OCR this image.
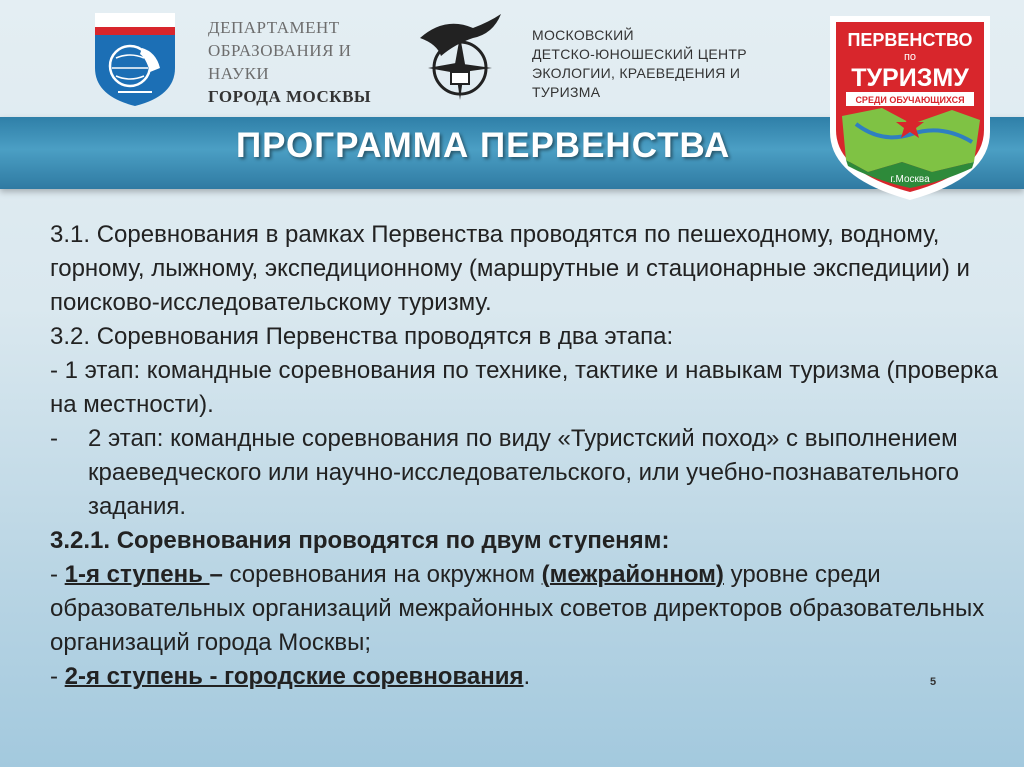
ДЕПАРТАМЕНТ
ОБРАЗОВАНИЯ И
НАУКИ
ГОРОДА МОСКВЫ
МОСКОВСКИЙ
ДЕТСКО-ЮНОШЕСКИЙ ЦЕНТР
ЭКОЛОГИИ, КРАЕВЕДЕНИЯ И
ТУРИЗМА
ПРОГРАММА ПЕРВЕНСТВА
ПЕРВЕНСТВО
по
ТУРИЗМУ
СРЕДИ ОБУЧАЮЩИХСЯ
г.Москва

3.1. Соревнования в рамках Первенства проводятся по пешеходному, водному, горному, лыжному, экспедиционному (маршрутные и стационарные экспедиции) и поисково-исследовательскому туризму.

3.2. Соревнования Первенства проводятся в два этапа:

- 1 этап: командные соревнования по технике, тактике и навыкам туризма (проверка на местности).

- 2 этап: командные соревнования по виду «Туристский поход» с выполнением краеведческого или научно-исследовательского, или учебно-познавательного задания.

3.2.1. Соревнования проводятся по двум ступеням:

- 1-я ступень – соревнования на окружном (межрайонном) уровне среди образовательных организаций межрайонных советов директоров образовательных организаций города Москвы;

- 2-я ступень - городские соревнования.	5
